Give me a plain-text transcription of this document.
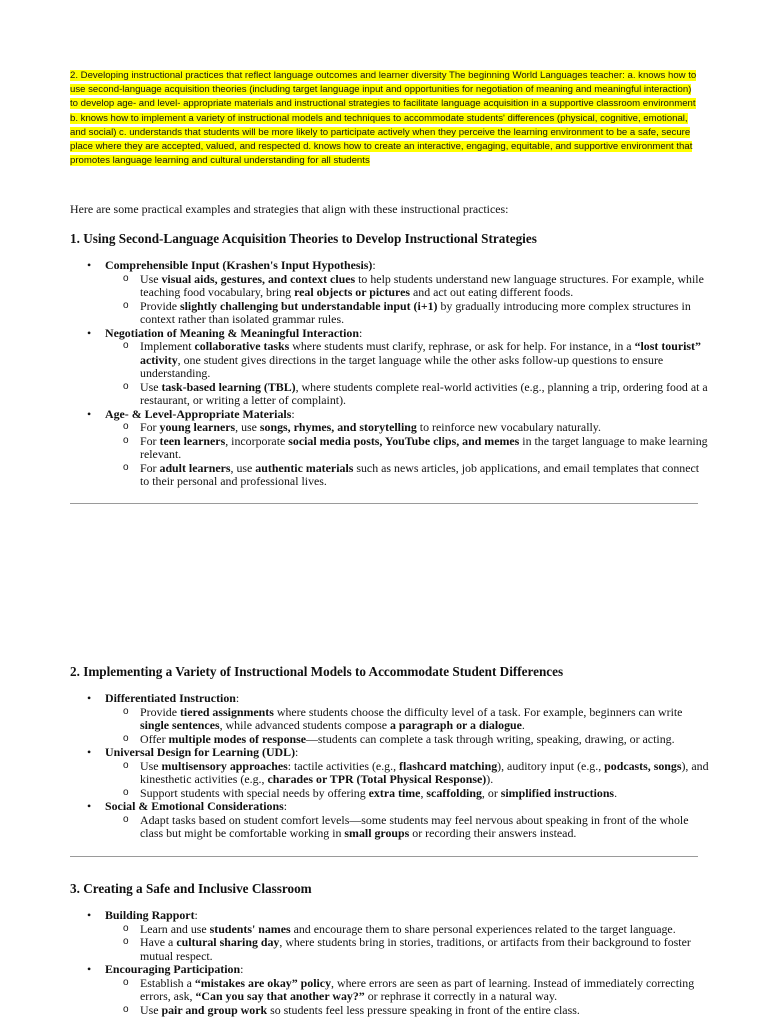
2. Developing instructional practices that reflect language outcomes and learner diversity The beginning World Languages teacher: a. knows how to use second-language acquisition theories (including target language input and opportunities for negotiation of meaning and meaningful interaction) to develop age- and level- appropriate materials and instructional strategies to facilitate language acquisition in a supportive classroom environment b. knows how to implement a variety of instructional models and techniques to accommodate students' differences (physical, cognitive, emotional, and social) c. understands that students will be more likely to participate actively when they perceive the learning environment to be a safe, secure place where they are accepted, valued, and respected d. knows how to create an interactive, engaging, equitable, and supportive environment that promotes language learning and cultural understanding for all students
Here are some practical examples and strategies that align with these instructional practices:
1. Using Second-Language Acquisition Theories to Develop Instructional Strategies
• Comprehensible Input (Krashen's Input Hypothesis):
o Use visual aids, gestures, and context clues to help students understand new language structures. For example, while teaching food vocabulary, bring real objects or pictures and act out eating different foods.
o Provide slightly challenging but understandable input (i+1) by gradually introducing more complex structures in context rather than isolated grammar rules.
• Negotiation of Meaning & Meaningful Interaction:
o Implement collaborative tasks where students must clarify, rephrase, or ask for help. For instance, in a “lost tourist” activity, one student gives directions in the target language while the other asks follow-up questions to ensure understanding.
o Use task-based learning (TBL), where students complete real-world activities (e.g., planning a trip, ordering food at a restaurant, or writing a letter of complaint).
• Age- & Level-Appropriate Materials:
o For young learners, use songs, rhymes, and storytelling to reinforce new vocabulary naturally.
o For teen learners, incorporate social media posts, YouTube clips, and memes in the target language to make learning relevant.
o For adult learners, use authentic materials such as news articles, job applications, and email templates that connect to their personal and professional lives.
2. Implementing a Variety of Instructional Models to Accommodate Student Differences
• Differentiated Instruction:
o Provide tiered assignments where students choose the difficulty level of a task. For example, beginners can write single sentences, while advanced students compose a paragraph or a dialogue.
o Offer multiple modes of response—students can complete a task through writing, speaking, drawing, or acting.
• Universal Design for Learning (UDL):
o Use multisensory approaches: tactile activities (e.g., flashcard matching), auditory input (e.g., podcasts, songs), and kinesthetic activities (e.g., charades or TPR (Total Physical Response)).
o Support students with special needs by offering extra time, scaffolding, or simplified instructions.
• Social & Emotional Considerations:
o Adapt tasks based on student comfort levels—some students may feel nervous about speaking in front of the whole class but might be comfortable working in small groups or recording their answers instead.
3. Creating a Safe and Inclusive Classroom
• Building Rapport:
o Learn and use students' names and encourage them to share personal experiences related to the target language.
o Have a cultural sharing day, where students bring in stories, traditions, or artifacts from their background to foster mutual respect.
• Encouraging Participation:
o Establish a “mistakes are okay” policy, where errors are seen as part of learning. Instead of immediately correcting errors, ask, “Can you say that another way?” or rephrase it correctly in a natural way.
o Use pair and group work so students feel less pressure speaking in front of the entire class.
